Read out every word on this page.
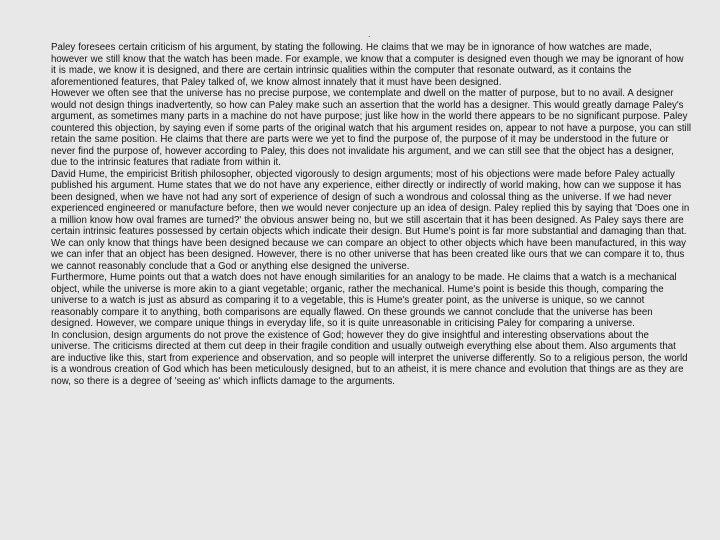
.

Paley foresees certain criticism of his argument, by stating the following. He claims that we may be in ignorance of how watches are made, however we still know that the watch has been made. For example, we know that a computer is designed even though we may be ignorant of how it is made, we know it is designed, and there are certain intrinsic qualities within the computer that resonate outward, as it contains the aforementioned features, that Paley talked of, we know almost innately that it must have been designed.

However we often see that the universe has no precise purpose, we contemplate and dwell on the matter of purpose, but to no avail. A designer would not design things inadvertently, so how can Paley make such an assertion that the world has a designer. This would greatly damage Paley's argument, as sometimes many parts in a machine do not have purpose; just like how in the world there appears to be no significant purpose. Paley countered this objection, by saying even if some parts of the original watch that his argument resides on, appear to not have a purpose, you can still retain the same position. He claims that there are parts were we yet to find the purpose of, the purpose of it may be understood in the future or never find the purpose of, however according to Paley, this does not invalidate his argument, and we can still see that the object has a designer, due to the intrinsic features that radiate from within it.

David Hume, the empiricist British philosopher, objected vigorously to design arguments; most of his objections were made before Paley actually published his argument. Hume states that we do not have any experience, either directly or indirectly of world making, how can we suppose it has been designed, when we have not had any sort of experience of design of such a wondrous and colossal thing as the universe. If we had never experienced engineered or manufacture before, then we would never conjecture up an idea of design. Paley replied this by saying that 'Does one in a million know how oval frames are turned?' the obvious answer being no, but we still ascertain that it has been designed. As Paley says there are certain intrinsic features possessed by certain objects which indicate their design. But Hume's point is far more substantial and damaging than that. We can only know that things have been designed because we can compare an object to other objects which have been manufactured, in this way we can infer that an object has been designed. However, there is no other universe that has been created like ours that we can compare it to, thus we cannot reasonably conclude that a God or anything else designed the universe.

Furthermore, Hume points out that a watch does not have enough similarities for an analogy to be made. He claims that a watch is a mechanical object, while the universe is more akin to a giant vegetable; organic, rather the mechanical. Hume's point is beside this though, comparing the universe to a watch is just as absurd as comparing it to a vegetable, this is Hume's greater point, as the universe is unique, so we cannot reasonably compare it to anything, both comparisons are equally flawed. On these grounds we cannot conclude that the universe has been designed. However, we compare unique things in everyday life, so it is quite unreasonable in criticising Paley for comparing a universe.

In conclusion, design arguments do not prove the existence of God; however they do give insightful and interesting observations about the universe. The criticisms directed at them cut deep in their fragile condition and usually outweigh everything else about them. Also arguments that are inductive like this, start from experience and observation, and so people will interpret the universe differently. So to a religious person, the world is a wondrous creation of God which has been meticulously designed, but to an atheist, it is mere chance and evolution that things are as they are now, so there is a degree of 'seeing as' which inflicts damage to the arguments.
